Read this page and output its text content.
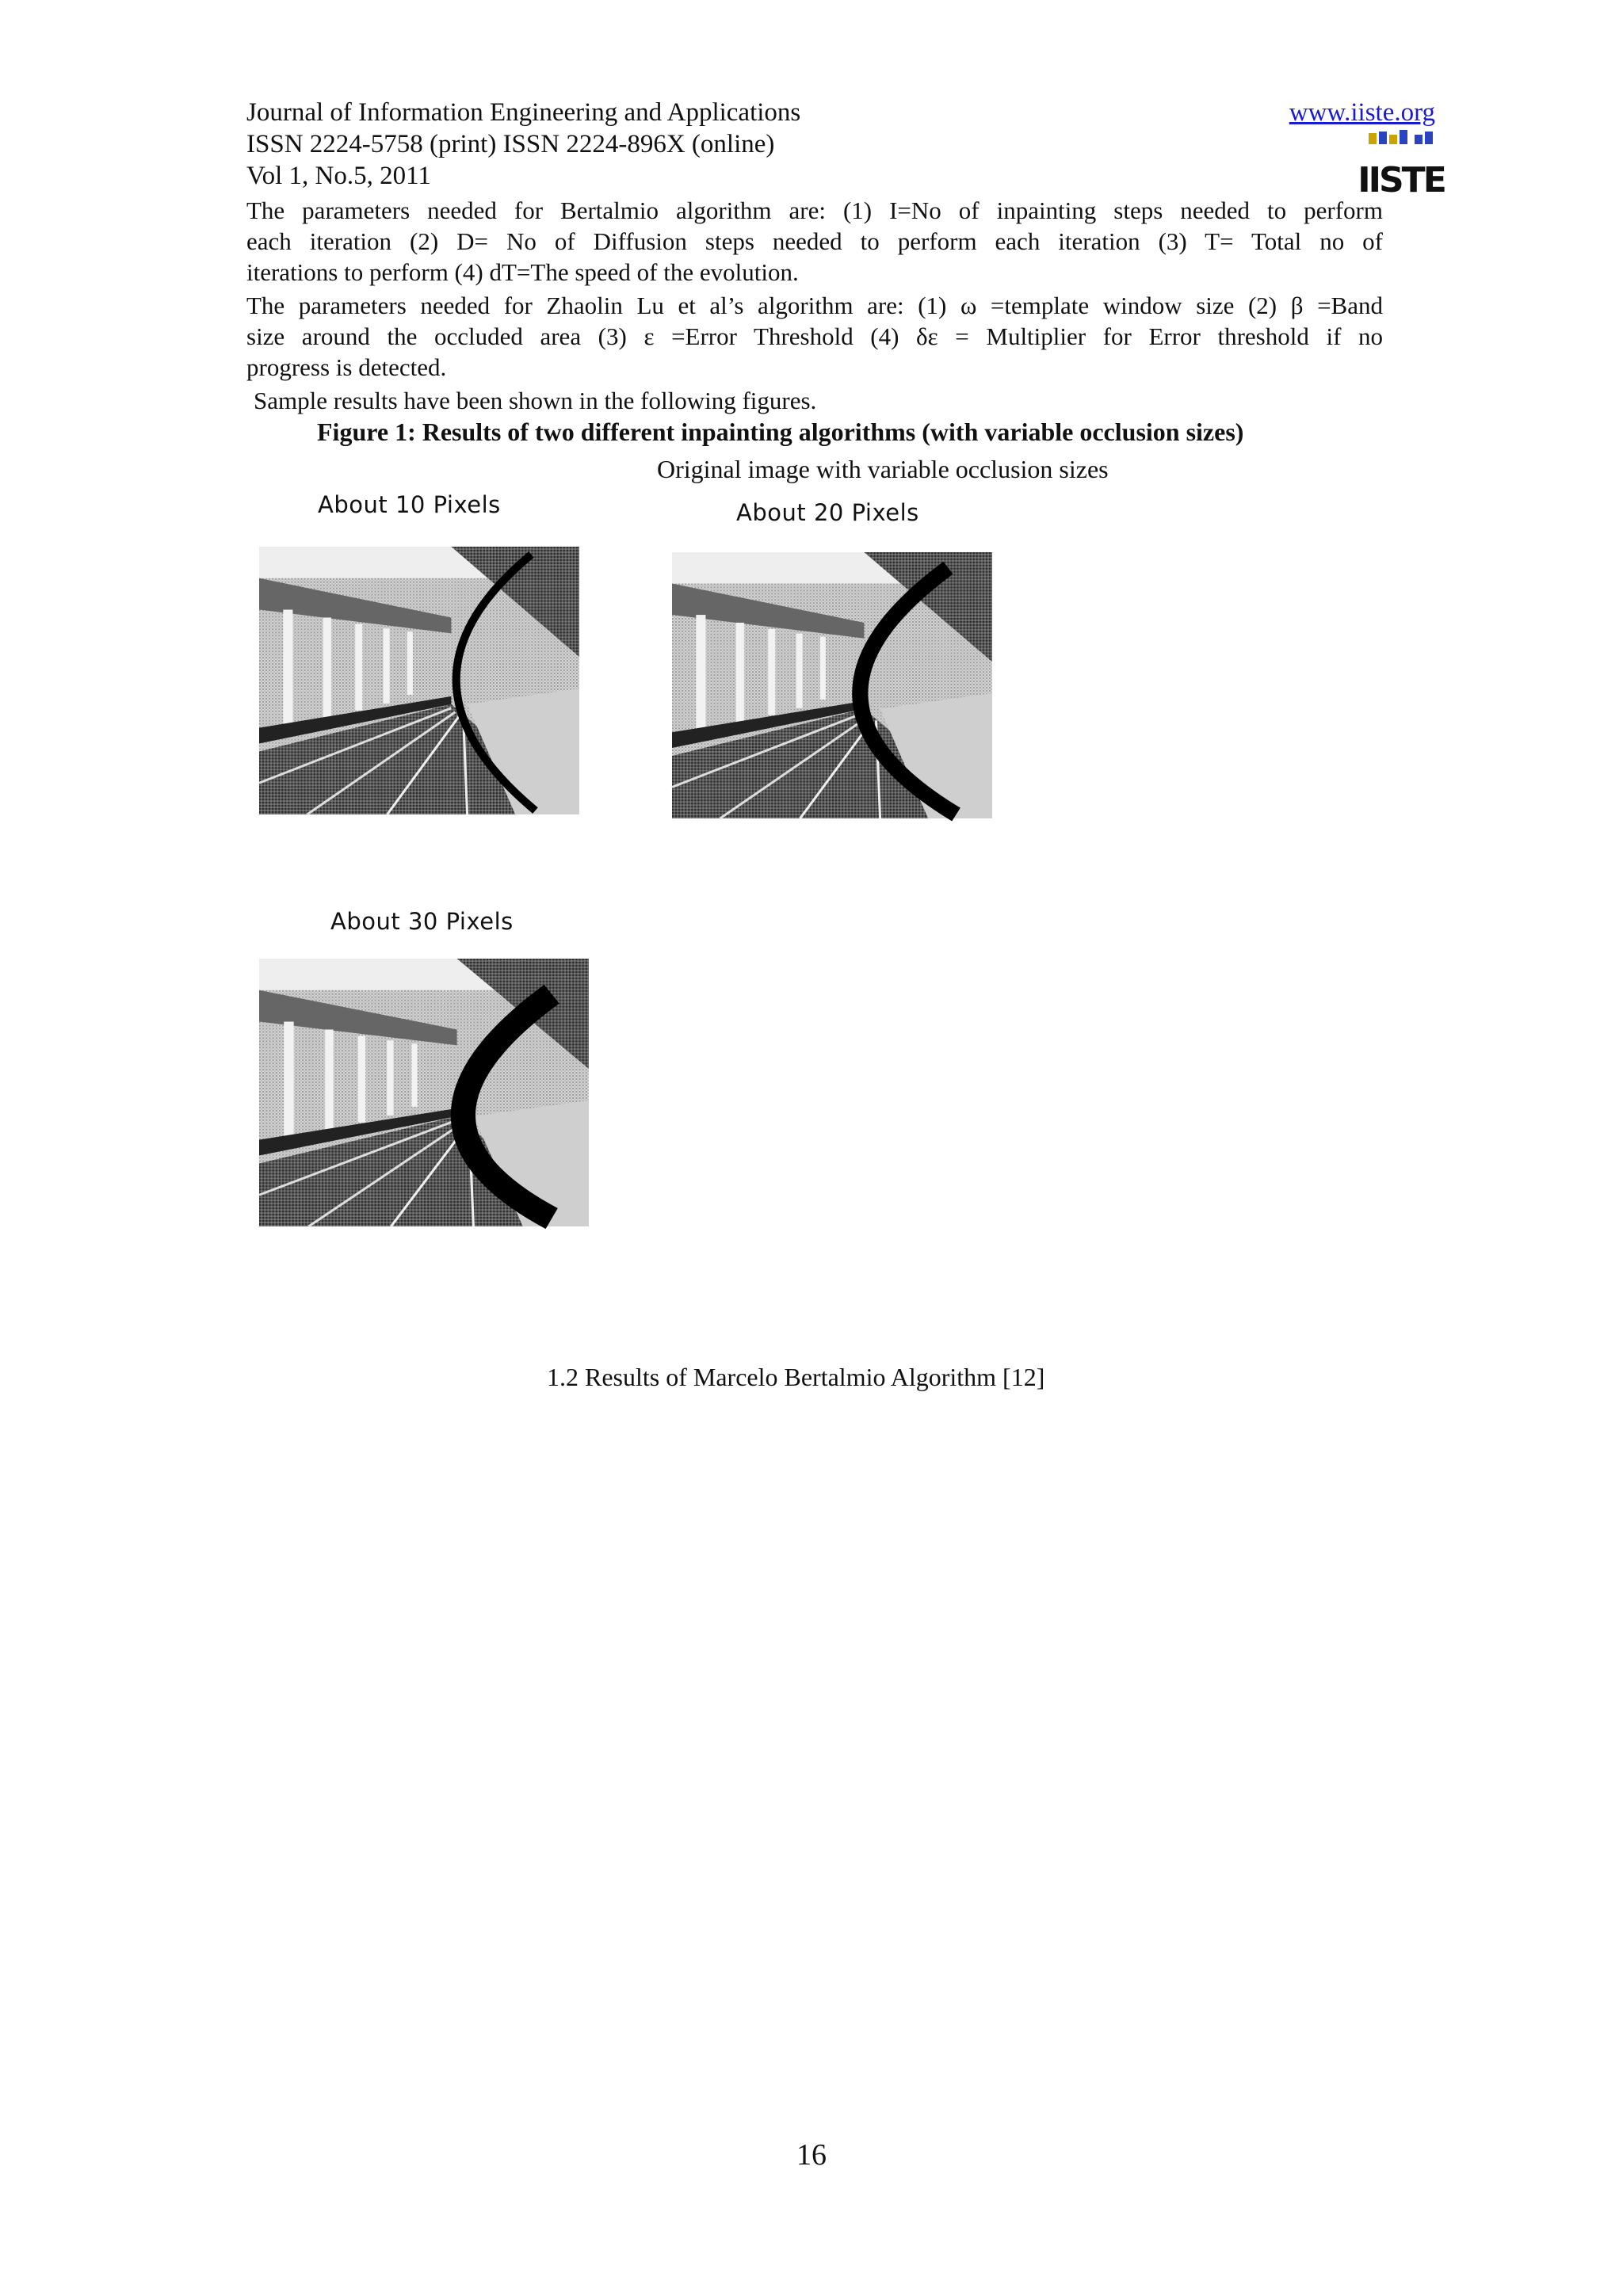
Journal of Information Engineering and Applications	www.iiste.org
ISSN 2224-5758 (print) ISSN 2224-896X (online)
Vol 1, No.5, 2011	IISTE
The parameters needed for Bertalmio algorithm are: (1) I=No of inpainting steps needed to perform
each iteration (2) D= No of Diffusion steps needed to perform each iteration (3) T= Total no of
iterations to perform (4) dT=The speed of the evolution.
The parameters needed for Zhaolin Lu et al’s algorithm are: (1) ω =template window size (2) β =Band
size around the occluded area (3) ε =Error Threshold (4) δε = Multiplier for Error threshold if no
progress is detected.
Sample results have been shown in the following figures.
Figure 1: Results of two different inpainting algorithms (with variable occlusion sizes)
Original image with variable occlusion sizes
About 10 Pixels	About 20 Pixels
About 30 Pixels
1.2 Results of Marcelo Bertalmio Algorithm [12]
16
